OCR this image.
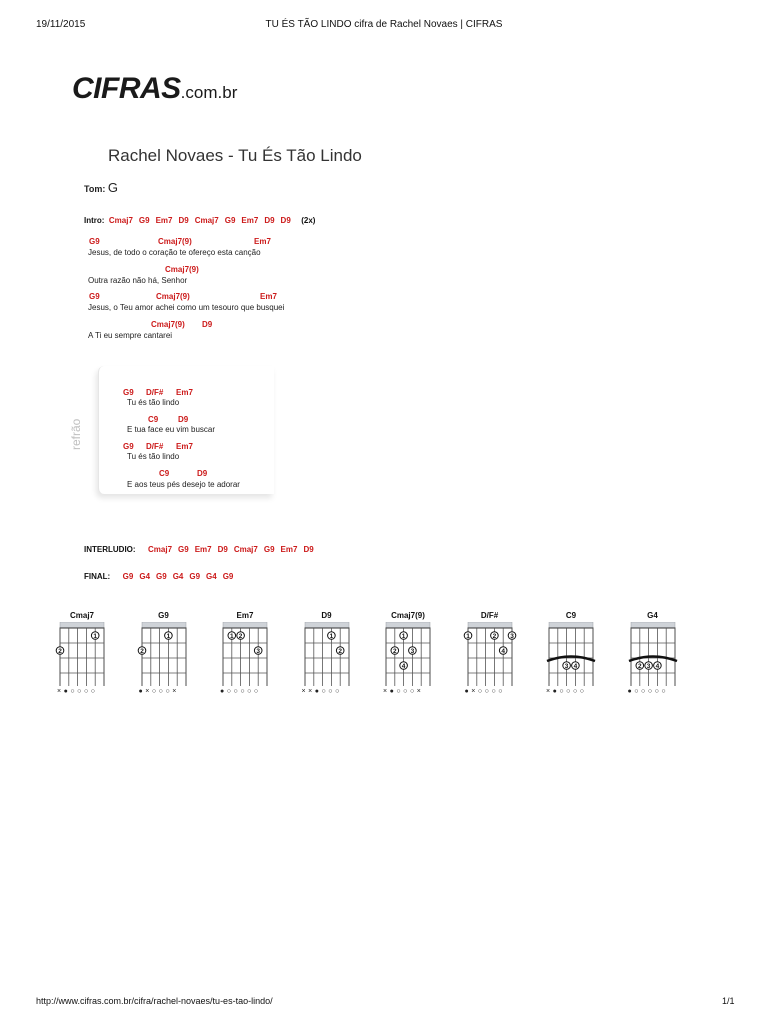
19/11/2015	TU ÉS TÃO LINDO cifra de Rachel Novaes | CIFRAS
CIFRAS.com.br
Rachel Novaes - Tu És Tão Lindo
Tom: G
Intro: Cmaj7 G9 Em7 D9 Cmaj7 G9 Em7 D9 D9 (2x)
G9	Cmaj7(9)	Em7
Jesus, de todo o coração te ofereço esta canção
Cmaj7(9)
Outra razão não há, Senhor
G9	Cmaj7(9)	Em7
Jesus, o Teu amor achei como um tesouro que busquei
Cmaj7(9) D9
A Ti eu sempre cantarei
refrão
G9 D/F# Em7
Tu és tão lindo
C9 D9
E tua face eu vim buscar
G9 D/F# Em7
Tu és tão lindo
C9	D9
E aos teus pés desejo te adorar
INTERLUDIO: Cmaj7 G9 Em7 D9 Cmaj7 G9 Em7 D9
FINAL: G9 G4 G9 G4 G9 G4 G9
Cmaj7
1
2
× ● ○ ○ ○ ○
G9
2
1
● × ○ ○ ○ ×
Em7
1 2
3
● ○ ○ ○ ○ ○
D9
1
2
× × ● ○ ○ ○
Cmaj7(9)
1
2 3
4
× ● ○ ○ ○ ×
D/F#
1	2 3
4
● × ○ ○ ○ ○
C9
3 4
× ● ○ ○ ○ ○
G4
2 3 4
● ○ ○ ○ ○ ○
http://www.cifras.com.br/cifra/rachel-novaes/tu-es-tao-lindo/	1/1
